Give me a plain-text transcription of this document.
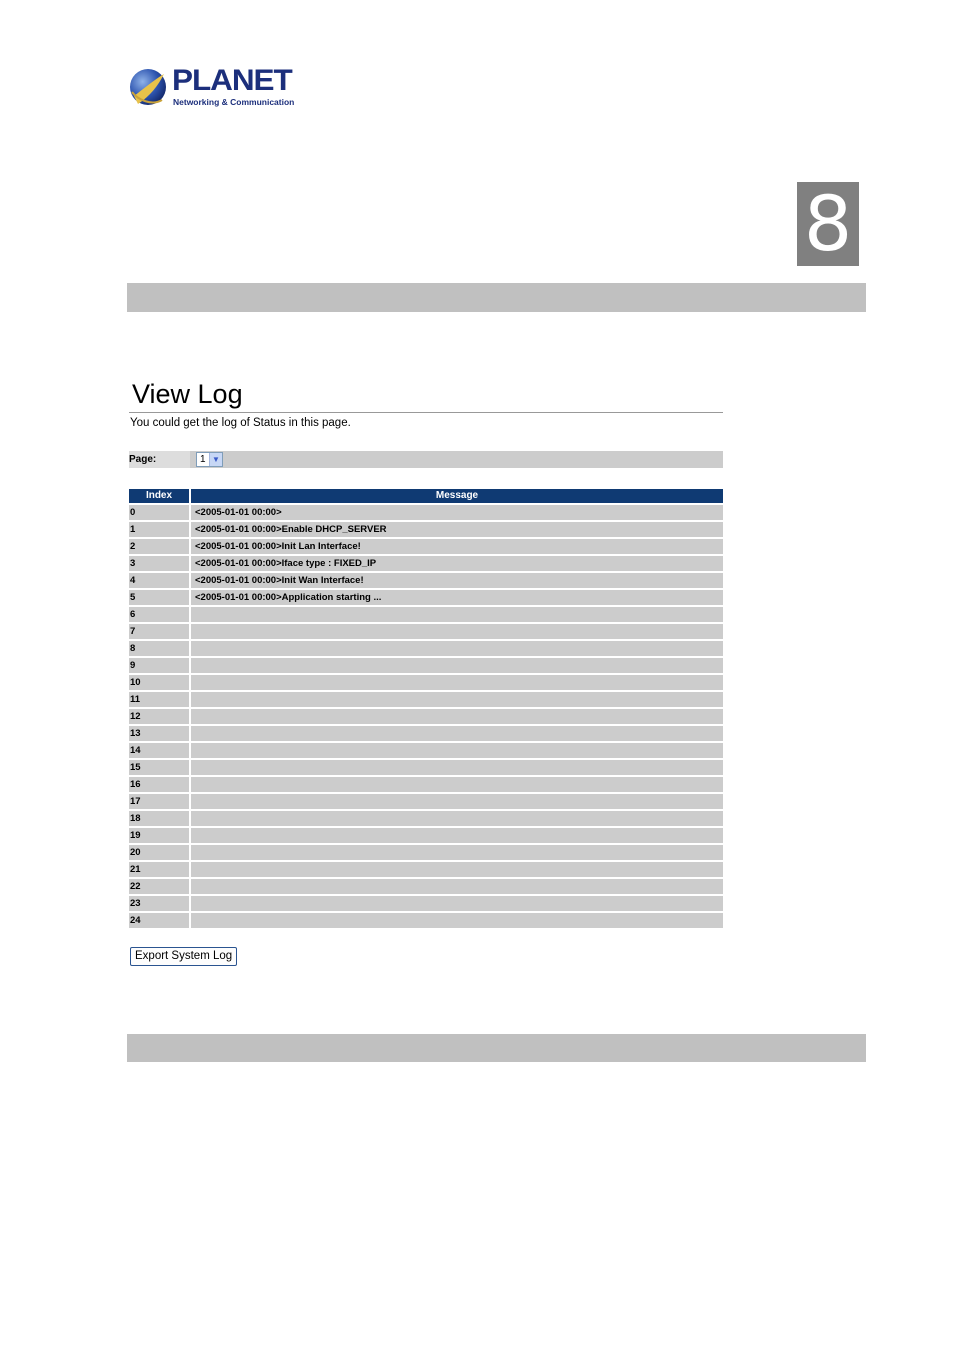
PLANET
Networking & Communication
8
View Log
You could get the log of Status in this page.
Page:	1 ▼
Index	Message
0	<2005-01-01 00:00>
1	<2005-01-01 00:00>Enable DHCP_SERVER
2	<2005-01-01 00:00>Init Lan Interface!
3	<2005-01-01 00:00>Iface type : FIXED_IP
4	<2005-01-01 00:00>Init Wan Interface!
5	<2005-01-01 00:00>Application starting ...
6
7
8
9
10
11
12
13
14
15
16
17
18
19
20
21
22
23
24
Export System Log
